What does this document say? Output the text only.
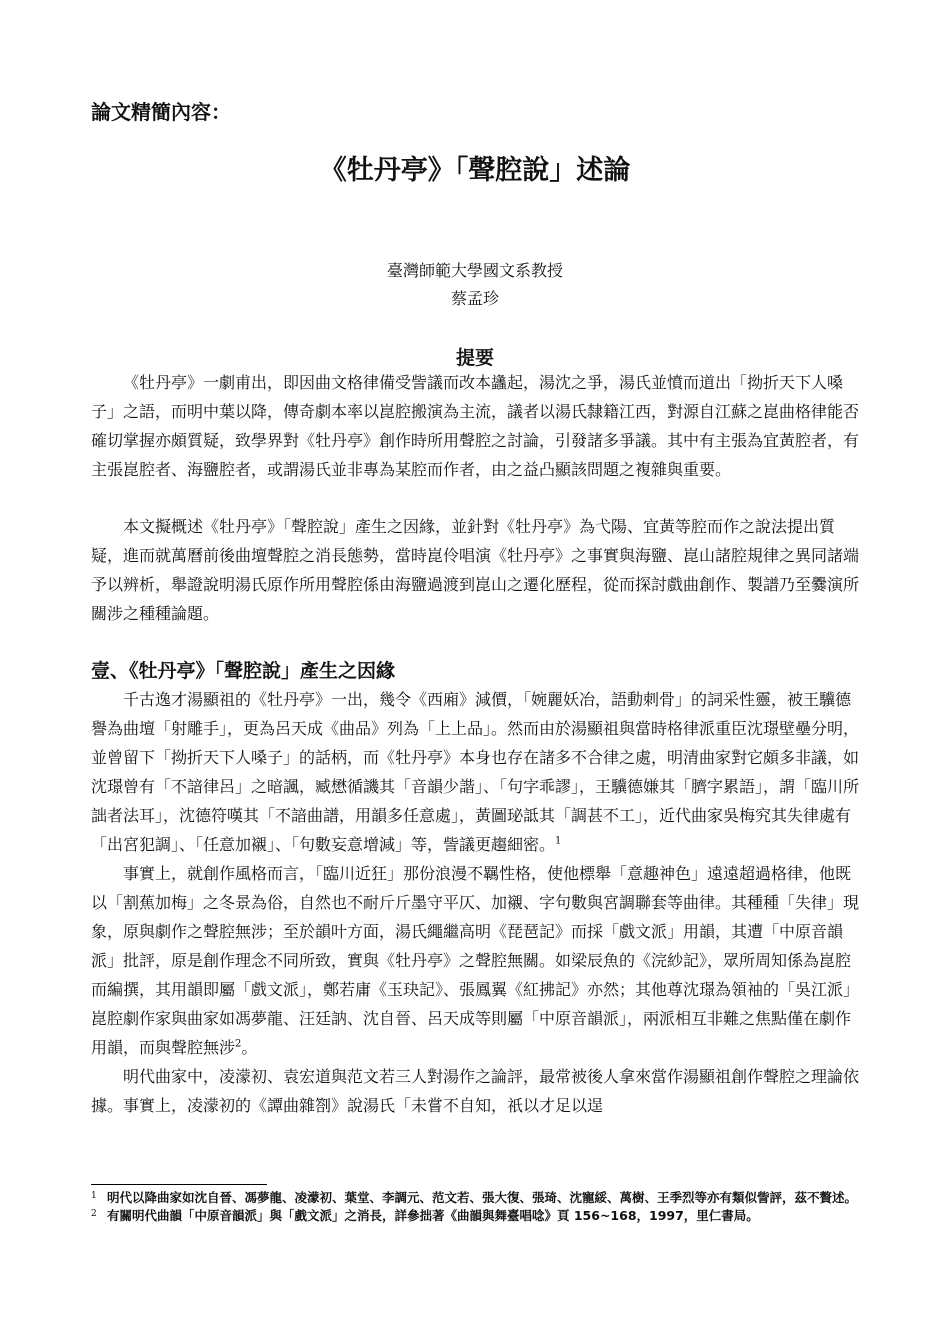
論文精簡內容：
《牡丹亭》「聲腔說」述論
臺灣師範大學國文系教授
蔡孟珍
提要

《牡丹亭》一劇甫出，即因曲文格律備受訾議而改本蠭起，湯沈之爭，湯氏並憤而道出「拗折天下人嗓子」之語，而明中葉以降，傳奇劇本率以崑腔搬演為主流，議者以湯氏隸籍江西，對源自江蘇之崑曲格律能否確切掌握亦頗質疑，致學界對《牡丹亭》創作時所用聲腔之討論，引發諸多爭議。其中有主張為宜黃腔者，有主張崑腔者、海鹽腔者，或謂湯氏並非專為某腔而作者，由之益凸顯該問題之複雜與重要。

本文擬概述《牡丹亭》「聲腔說」產生之因緣，並針對《牡丹亭》為弋陽、宜黃等腔而作之說法提出質疑，進而就萬曆前後曲壇聲腔之消長態勢，當時崑伶唱演《牡丹亭》之事實與海鹽、崑山諸腔規律之異同諸端予以辨析，舉證說明湯氏原作所用聲腔係由海鹽過渡到崑山之遷化歷程，從而探討戲曲創作、製譜乃至爨演所關涉之種種論題。

壹、《牡丹亭》「聲腔說」產生之因緣

千古逸才湯顯祖的《牡丹亭》一出，幾令《西廂》減價，「婉麗妖冶，語動刺骨」的詞采性靈，被王驥德譽為曲壇「射雕手」，更為呂天成《曲品》列為「上上品」。然而由於湯顯祖與當時格律派重臣沈璟壁壘分明，並曾留下「拗折天下人嗓子」的話柄，而《牡丹亭》本身也存在諸多不合律之處，明清曲家對它頗多非議，如沈璟曾有「不諳律呂」之暗諷，臧懋循譏其「音韻少諧」、「句字乖謬」，王驥德嫌其「臍字累語」，謂「臨川所詘者法耳」，沈德符嘆其「不諳曲譜，用韻多任意處」，黃圖珌詆其「調甚不工」，近代曲家吳梅究其失律處有「出宮犯調」、「任意加襯」、「句數妄意增減」等，訾議更趨細密。$^1$

事實上，就創作風格而言，「臨川近狂」那份浪漫不羈性格，使他標舉「意趣神色」遠遠超過格律，他既以「割蕉加梅」之冬景為俗，自然也不耐斤斤墨守平仄、加襯、字句數與宮調聯套等曲律。其種種「失律」現象，原與劇作之聲腔無涉；至於韻叶方面，湯氏繩繼高明《琵琶記》而採「戲文派」用韻，其遭「中原音韻派」批評，原是創作理念不同所致，實與《牡丹亭》之聲腔無關。如梁辰魚的《浣紗記》，眾所周知係為崑腔而編撰，其用韻即屬「戲文派」，鄭若庸《玉玦記》、張鳳翼《紅拂記》亦然；其他尊沈璟為領袖的「吳江派」崑腔劇作家與曲家如馮夢龍、汪廷訥、沈自晉、呂天成等則屬「中原音韻派」，兩派相互非難之焦點僅在劇作用韻，而與聲腔無涉$^2$。

明代曲家中，凌濛初、袁宏道與范文若三人對湯作之論評，最常被後人拿來當作湯顯祖創作聲腔之理論依據。事實上，凌濛初的《譚曲雜劄》說湯氏「未嘗不自知，祇以才足以逞

1 明代以降曲家如沈自晉、馮夢龍、凌濛初、葉堂、李調元、范文若、張大復、張琦、沈寵綏、萬樹、王季烈等亦有類似訾評，茲不贅述。
2 有關明代曲韻「中原音韻派」與「戲文派」之消長，詳參拙著《曲韻與舞臺唱唸》頁 156~168，1997，里仁書局。
